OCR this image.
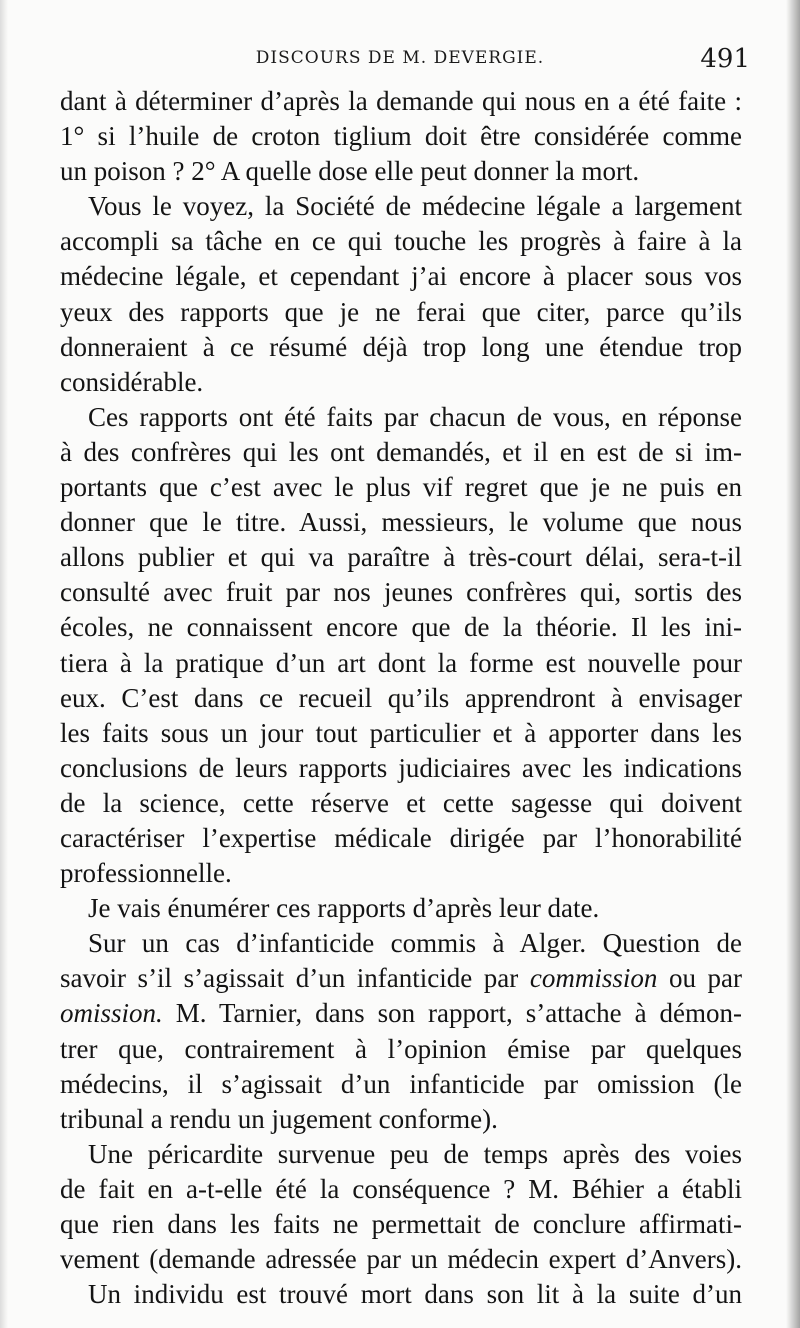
DISCOURS DE M. DEVERGIE.	491
dant à déterminer d’après la demande qui nous en a été faite :
1° si l’huile de croton tiglium doit être considérée comme
un poison ? 2° A quelle dose elle peut donner la mort.
Vous le voyez, la Société de médecine légale a largement
accompli sa tâche en ce qui touche les progrès à faire à la
médecine légale, et cependant j’ai encore à placer sous vos
yeux des rapports que je ne ferai que citer, parce qu’ils
donneraient à ce résumé déjà trop long une étendue trop
considérable.
Ces rapports ont été faits par chacun de vous, en réponse
à des confrères qui les ont demandés, et il en est de si im-
portants que c’est avec le plus vif regret que je ne puis en
donner que le titre. Aussi, messieurs, le volume que nous
allons publier et qui va paraître à très-court délai, sera-t-il
consulté avec fruit par nos jeunes confrères qui, sortis des
écoles, ne connaissent encore que de la théorie. Il les ini-
tiera à la pratique d’un art dont la forme est nouvelle pour
eux. C’est dans ce recueil qu’ils apprendront à envisager
les faits sous un jour tout particulier et à apporter dans les
conclusions de leurs rapports judiciaires avec les indications
de la science, cette réserve et cette sagesse qui doivent
caractériser l’expertise médicale dirigée par l’honorabilité
professionnelle.
Je vais énumérer ces rapports d’après leur date.
Sur un cas d’infanticide commis à Alger. Question de
savoir s’il s’agissait d’un infanticide par commission ou par
omission. M. Tarnier, dans son rapport, s’attache à démon-
trer que, contrairement à l’opinion émise par quelques
médecins, il s’agissait d’un infanticide par omission (le
tribunal a rendu un jugement conforme).
Une péricardite survenue peu de temps après des voies
de fait en a-t-elle été la conséquence ? M. Béhier a établi
que rien dans les faits ne permettait de conclure affirmati-
vement (demande adressée par un médecin expert d’Anvers).
Un individu est trouvé mort dans son lit à la suite d’un
